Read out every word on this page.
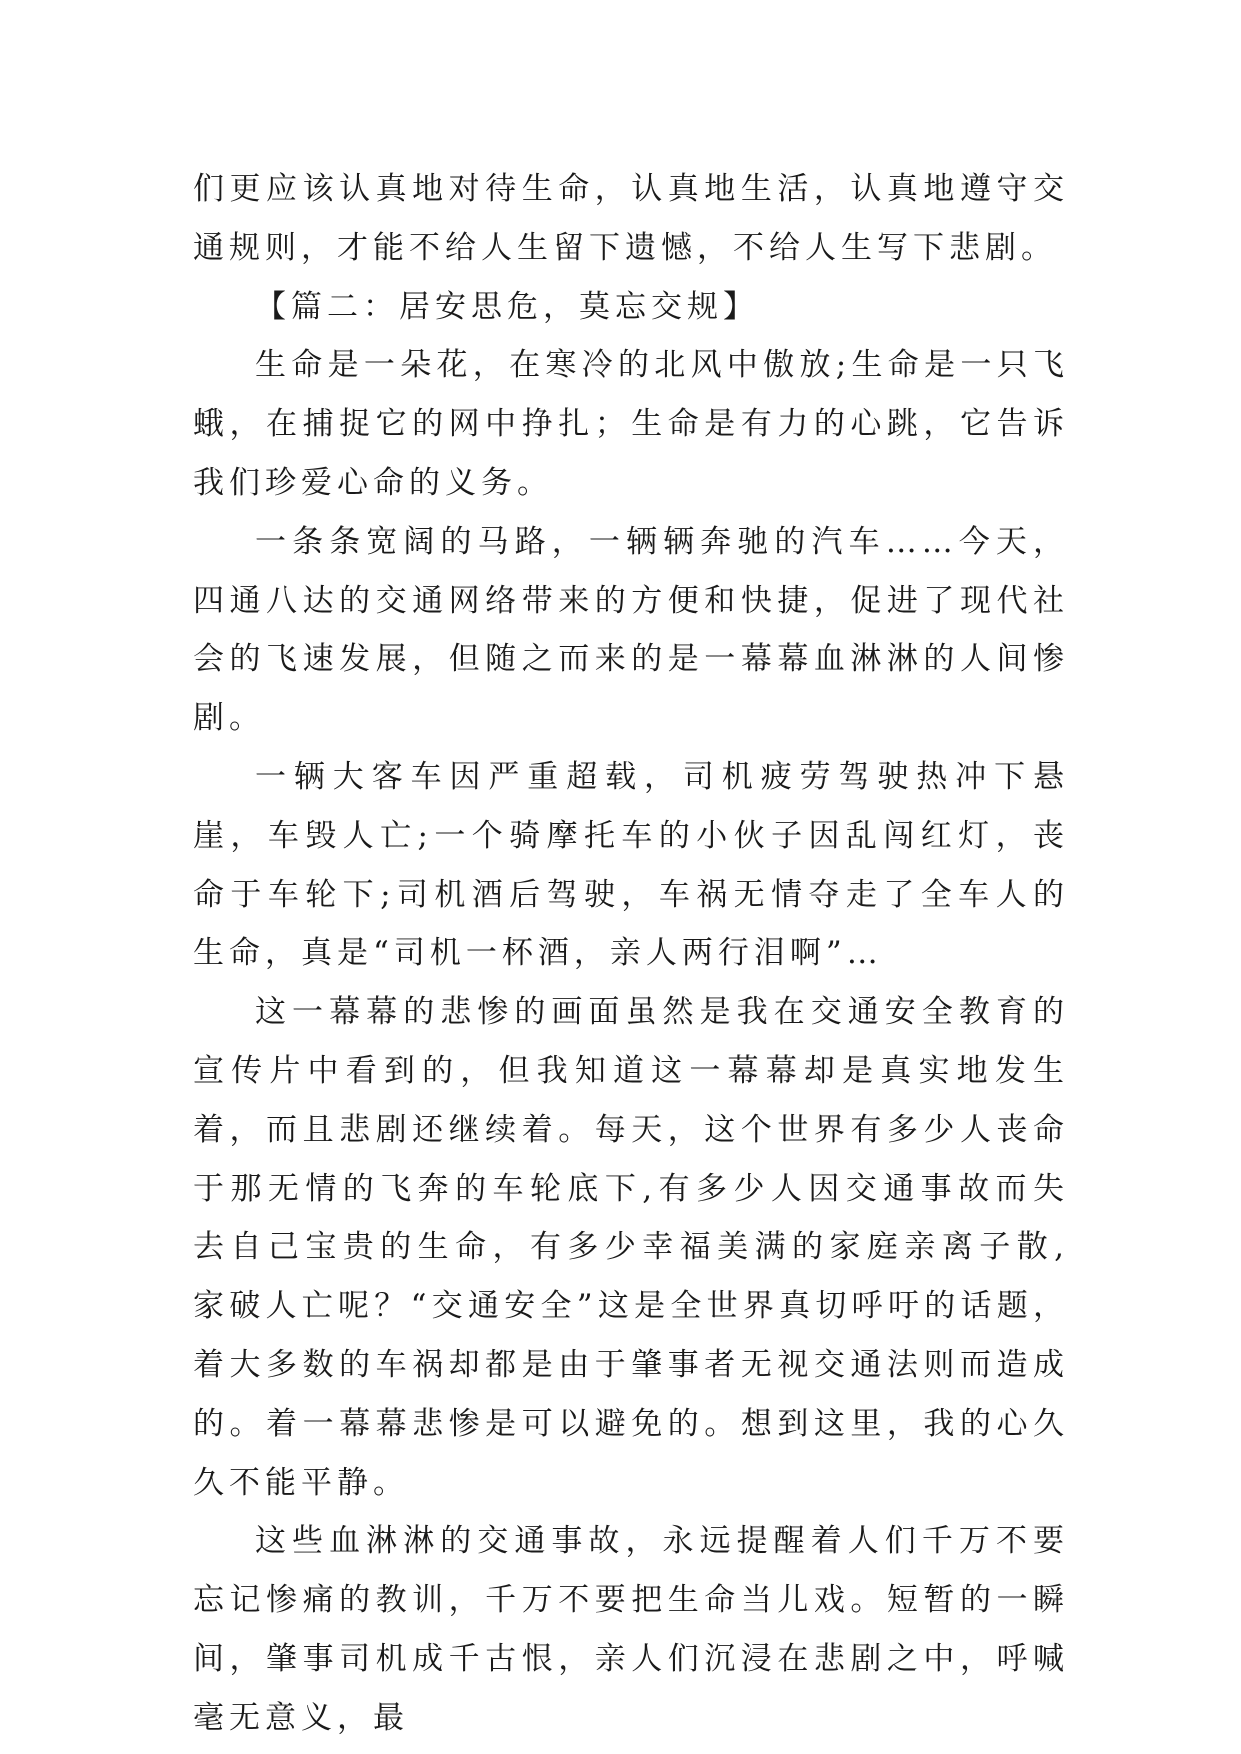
们更应该认真地对待生命，认真地生活，认真地遵守交通规则，才能不给人生留下遗憾，不给人生写下悲剧。

【篇二：居安思危，莫忘交规】

生命是一朵花，在寒冷的北风中傲放;生命是一只飞蛾，在捕捉它的网中挣扎；生命是有力的心跳，它告诉我们珍爱心命的义务。

一条条宽阔的马路，一辆辆奔驰的汽车……今天，四通八达的交通网络带来的方便和快捷，促进了现代社会的飞速发展，但随之而来的是一幕幕血淋淋的人间惨剧。

一辆大客车因严重超载，司机疲劳驾驶热冲下悬崖，车毁人亡;一个骑摩托车的小伙子因乱闯红灯，丧命于车轮下;司机酒后驾驶，车祸无情夺走了全车人的生命，真是“司机一杯酒，亲人两行泪啊”…

这一幕幕的悲惨的画面虽然是我在交通安全教育的宣传片中看到的，但我知道这一幕幕却是真实地发生着，而且悲剧还继续着。每天，这个世界有多少人丧命于那无情的飞奔的车轮底下,有多少人因交通事故而失去自己宝贵的生命，有多少幸福美满的家庭亲离子散,家破人亡呢？“交通安全”这是全世界真切呼吁的话题，着大多数的车祸却都是由于肇事者无视交通法则而造成的。着一幕幕悲惨是可以避免的。想到这里，我的心久久不能平静。

这些血淋淋的交通事故，永远提醒着人们千万不要忘记惨痛的教训，千万不要把生命当儿戏。短暂的一瞬间，肇事司机成千古恨，亲人们沉浸在悲剧之中，呼喊毫无意义，最
